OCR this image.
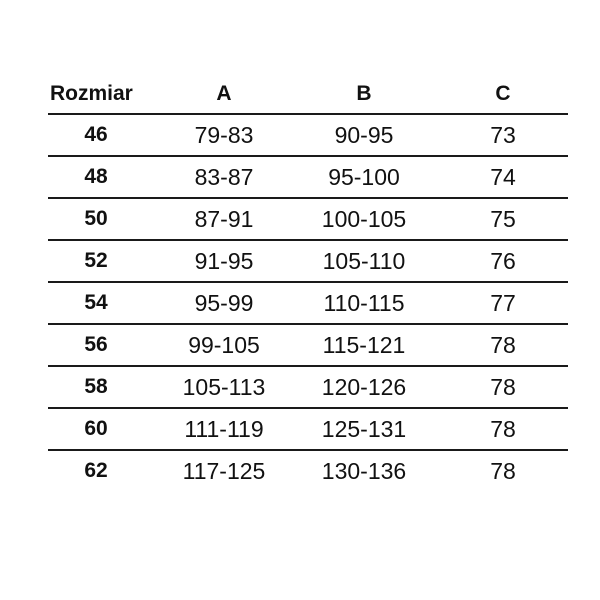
Rozmiar	A	B	C
46	79-83	90-95	73
48	83-87	95-100	74
50	87-91	100-105	75
52	91-95	105-110	76
54	95-99	110-115	77
56	99-105	115-121	78
58	105-113	120-126	78
60	111-119	125-131	78
62	117-125	130-136	78
